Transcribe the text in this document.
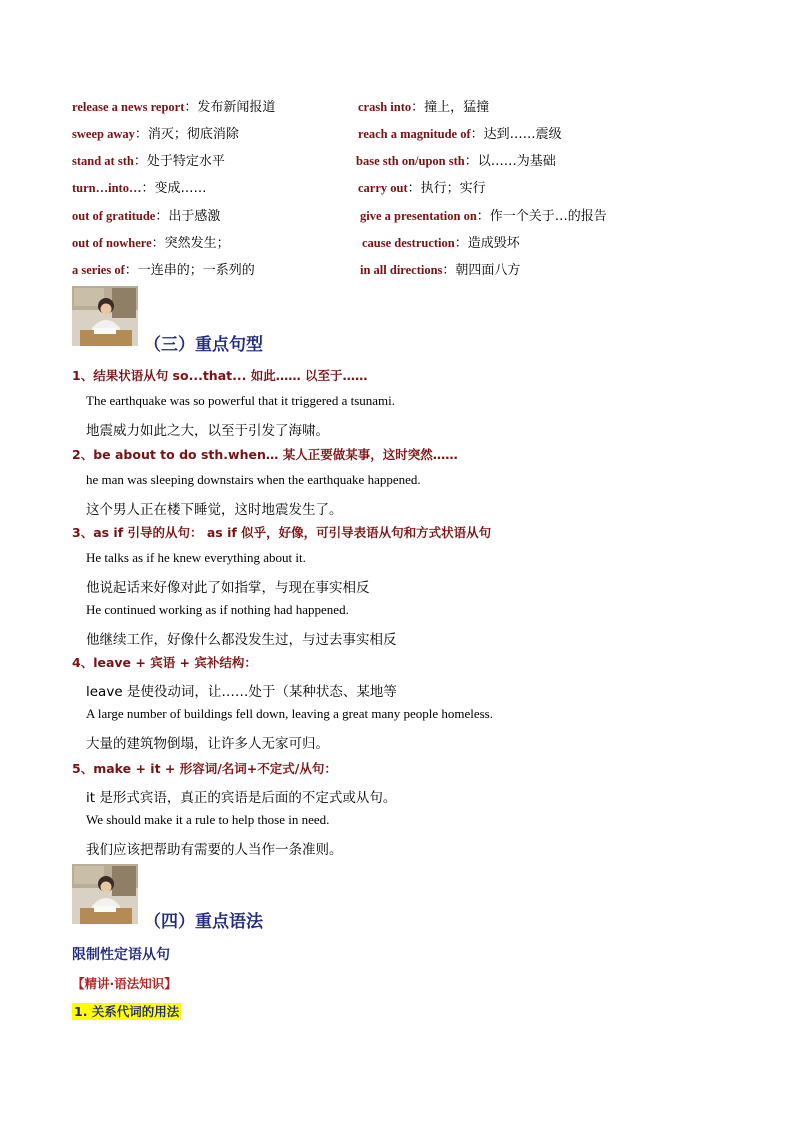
release a news report：发布新闻报道
sweep away：消灭；彻底消除
stand at sth：处于特定水平
turn…into…：变成……
out of gratitude：出于感激
out of nowhere：突然发生；
a series of：一连串的；一系列的
crash into：撞上，猛撞
reach a magnitude of：达到……震级
base sth on/upon sth：以……为基础
carry out：执行；实行
give a presentation on：作一个关于…的报告
cause destruction：造成毁坏
in all directions：朝四面八方
（三）重点句型
1、结果状语从句 so...that... 如此…… 以至于……
The earthquake was so powerful that it triggered a tsunami.
地震威力如此之大，以至于引发了海啸。
2、be about to do sth.when… 某人正要做某事，这时突然……
he man was sleeping downstairs when the earthquake happened.
这个男人正在楼下睡觉，这时地震发生了。
3、as if 引导的从句： as if 似乎，好像，可引导表语从句和方式状语从句
He talks as if he knew everything about it.
他说起话来好像对此了如指掌，与现在事实相反
He continued working as if nothing had happened.
他继续工作，好像什么都没发生过，与过去事实相反
4、leave + 宾语 + 宾补结构：
leave 是使役动词，让……处于（某种状态、某地等
A large number of buildings fell down, leaving a great many people homeless.
大量的建筑物倒塌，让许多人无家可归。
5、make + it + 形容词/名词+不定式/从句：
it 是形式宾语，真正的宾语是后面的不定式或从句。
We should make it a rule to help those in need.
我们应该把帮助有需要的人当作一条准则。
（四）重点语法
限制性定语从句
【精讲·语法知识】
1. 关系代词的用法
